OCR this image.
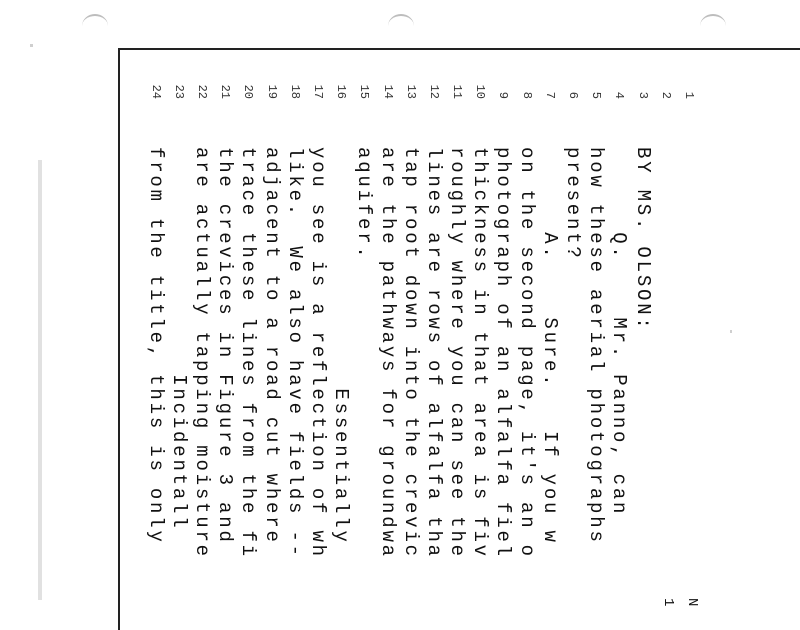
N
1
1
2
3
BY MS. OLSON:
4
Q.    Mr. Panno, can
5
how these aerial photographs
6
present?
7
A.    Sure.   If you w
8
on the second page, it's an o
9
photograph of an alfalfa fiel
10
thickness in that area is fiv
11
roughly where you can see the
12
lines are rows of alfalfa tha
13
tap root down into the crevic
14
are the pathways for groundwa
15
aquifer.
16
Essentially
17
you see is a reflection of wh
18
like.  We also have fields --
19
adjacent to a road cut where
20
trace these lines from the fi
21
the crevices in Figure 3 and
22
are actually tapping moisture
23
Incidentall
24
from the title, this is only
